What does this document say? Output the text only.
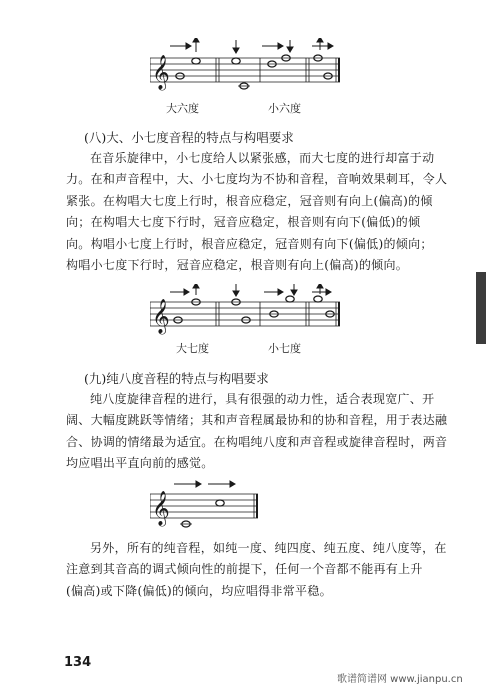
𝄞
大六度	小六度
(八)大、小七度音程的特点与构唱要求
在音乐旋律中，小七度给人以紧张感，而大七度的进行却富于动
力。在和声音程中，大、小七度均为不协和音程，音响效果刺耳，令人
紧张。在构唱大七度上行时，根音应稳定，冠音则有向上(偏高)的倾
向；在构唱大七度下行时，冠音应稳定，根音则有向下(偏低)的倾
向。构唱小七度上行时，根音应稳定，冠音则有向下(偏低)的倾向；
构唱小七度下行时，冠音应稳定，根音则有向上(偏高)的倾向。
𝄞
大七度	小七度
(九)纯八度音程的特点与构唱要求
纯八度旋律音程的进行，具有很强的动力性，适合表现宽广、开
阔、大幅度跳跃等情绪；其和声音程属最协和的协和音程，用于表达融
合、协调的情绪最为适宜。在构唱纯八度和声音程或旋律音程时，两音
均应唱出平直向前的感觉。
𝄞
另外，所有的纯音程，如纯一度、纯四度、纯五度、纯八度等，在
注意到其音高的调式倾向性的前提下，任何一个音都不能再有上升
(偏高)或下降(偏低)的倾向，均应唱得非常平稳。
134
歌谱简谱网 www.jianpu.cn
